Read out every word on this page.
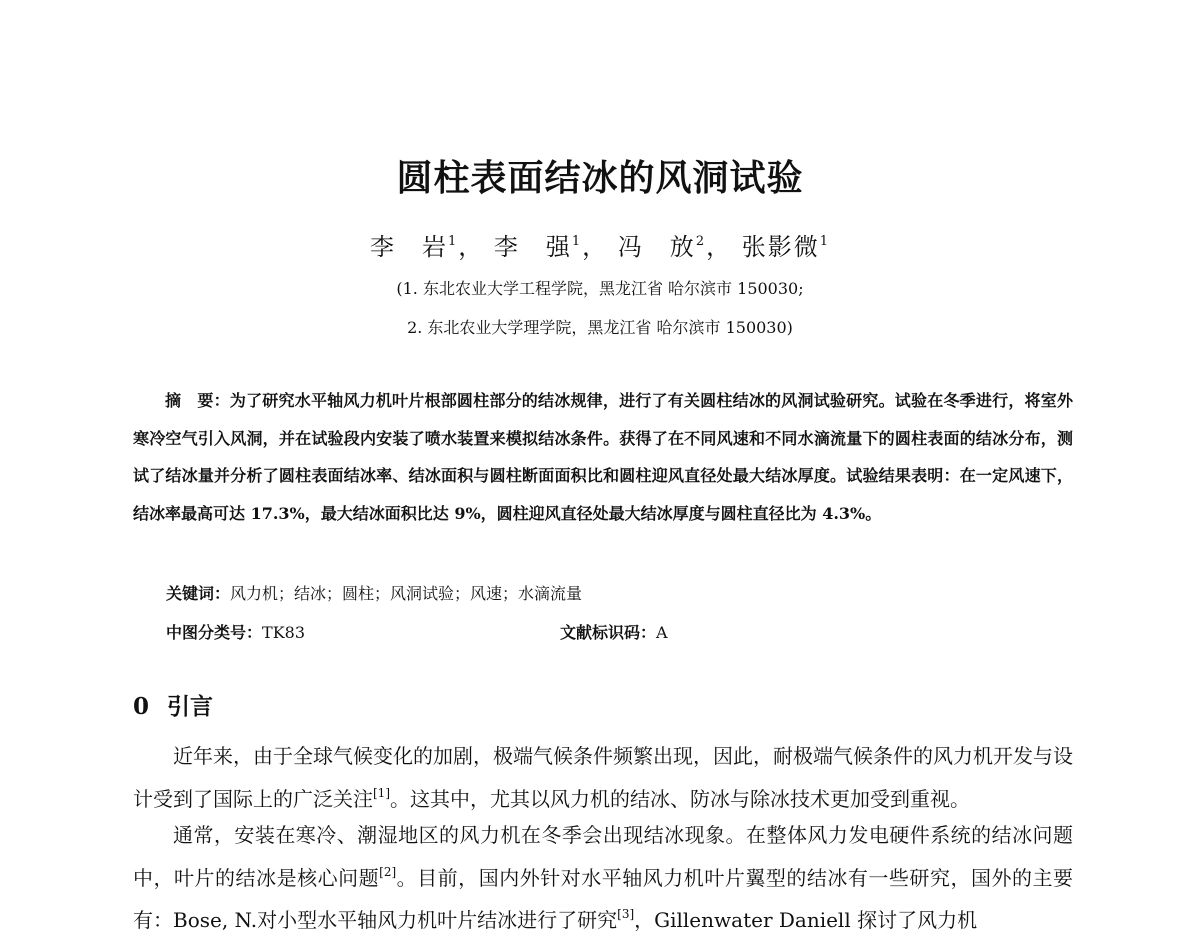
圆柱表面结冰的风洞试验
李　岩$^1$， 李　强$^1$， 冯　放$^2$， 张影微$^1$
(1. 东北农业大学工程学院，黑龙江省 哈尔滨市 150030;
2. 东北农业大学理学院，黑龙江省 哈尔滨市 150030)

摘　要：为了研究水平轴风力机叶片根部圆柱部分的结冰规律，进行了有关圆柱结冰的风洞试验研究。试验在冬季进行，将室外寒冷空气引入风洞，并在试验段内安装了喷水装置来模拟结冰条件。获得了在不同风速和不同水滴流量下的圆柱表面的结冰分布，测试了结冰量并分析了圆柱表面结冰率、结冰面积与圆柱断面面积比和圆柱迎风直径处最大结冰厚度。试验结果表明：在一定风速下，结冰率最高可达 17.3%，最大结冰面积比达 9%，圆柱迎风直径处最大结冰厚度与圆柱直径比为 4.3%。

关键词：风力机；结冰；圆柱；风洞试验；风速；水滴流量
中图分类号：TK83	文献标识码：A
0 引言

近年来，由于全球气候变化的加剧，极端气候条件频繁出现，因此，耐极端气候条件的风力机开发与设计受到了国际上的广泛关注[1]。这其中，尤其以风力机的结冰、防冰与除冰技术更加受到重视。

通常，安装在寒冷、潮湿地区的风力机在冬季会出现结冰现象。在整体风力发电硬件系统的结冰问题中，叶片的结冰是核心问题[2]。目前，国内外针对水平轴风力机叶片翼型的结冰有一些研究，国外的主要有：Bose, N.对小型水平轴风力机叶片结冰进行了研究[3]，Gillenwater Daniell 探讨了风力机
